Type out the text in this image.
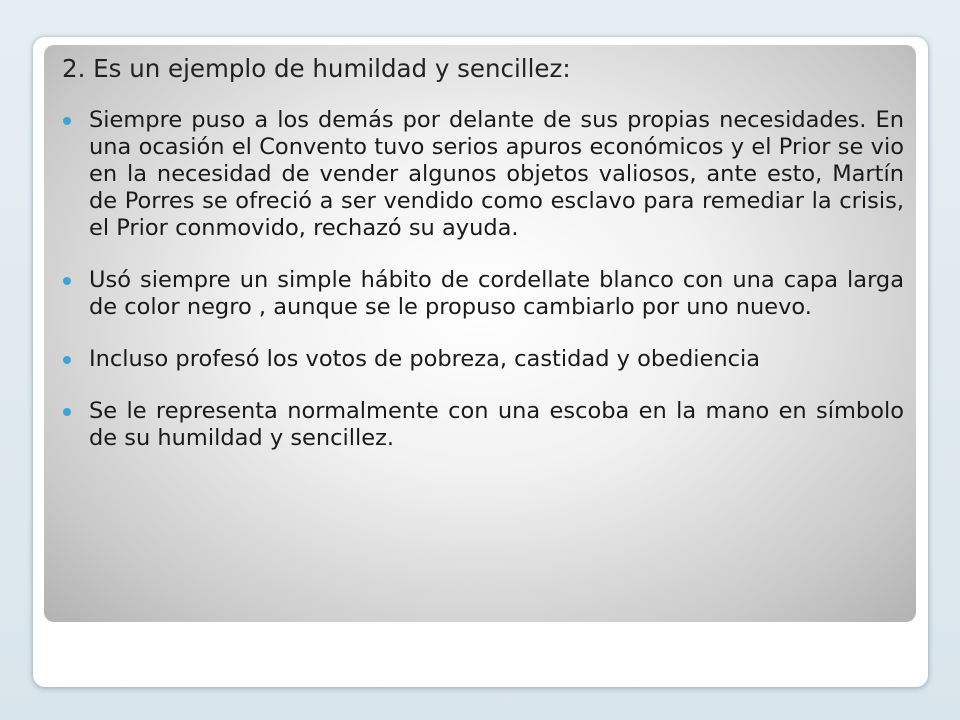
2. Es un ejemplo de humildad y sencillez:
Siempre puso a los demás por delante de sus propias necesidades. En una ocasión el Convento tuvo serios apuros económicos y el Prior se vio en la necesidad de vender algunos objetos valiosos, ante esto, Martín de Porres se ofreció a ser vendido como esclavo para remediar la crisis, el Prior conmovido, rechazó su ayuda.
Usó siempre un simple hábito de cordellate blanco con una capa larga de color negro , aunque se le propuso cambiarlo por uno nuevo.
Incluso profesó los votos de pobreza, castidad y obediencia
Se le representa normalmente con una escoba en la mano en símbolo de su humildad y sencillez.
